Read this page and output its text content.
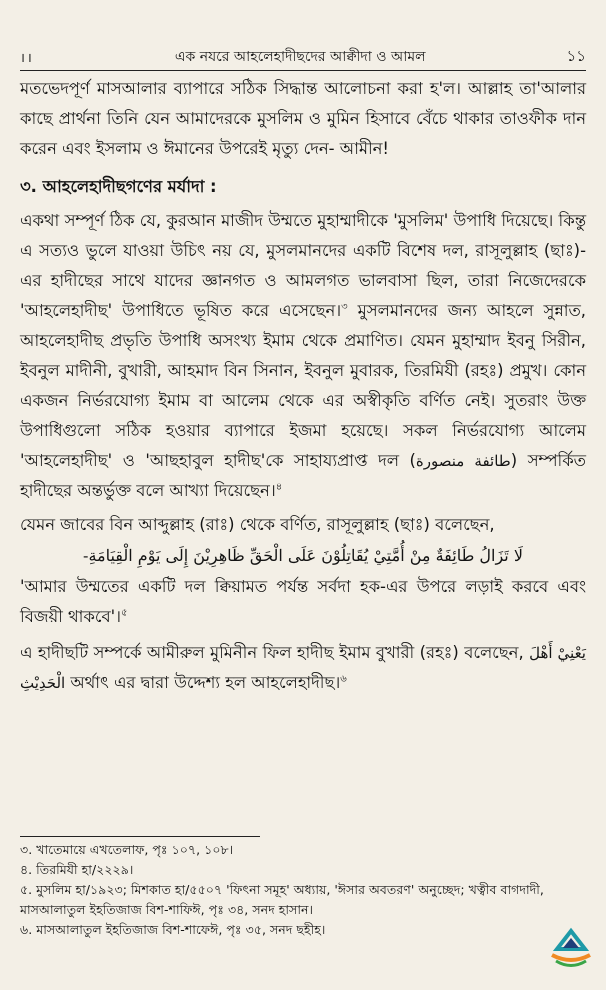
।।	এক নযরে আহলেহাদীছদের আক্বীদা ও আমল	১১

মতভেদপূর্ণ মাসআলার ব্যাপারে সঠিক সিদ্ধান্ত আলোচনা করা হ'ল। আল্লাহ তা'আলার কাছে প্রার্থনা তিনি যেন আমাদেরকে মুসলিম ও মুমিন হিসাবে বেঁচে থাকার তাওফীক দান করেন এবং ইসলাম ও ঈমানের উপরেই মৃত্যু দেন- আমীন!

৩. আহলেহাদীছগণের মর্যাদা :

একথা সম্পূর্ণ ঠিক যে, কুরআন মাজীদ উম্মতে মুহাম্মাদীকে 'মুসলিম' উপাধি দিয়েছে। কিন্তু এ সত্যও ভুলে যাওয়া উচিৎ নয় যে, মুসলমানদের একটি বিশেষ দল, রাসূলুল্লাহ (ছাঃ)-এর হাদীছের সাথে যাদের জ্ঞানগত ও আমলগত ভালবাসা ছিল, তারা নিজেদেরকে 'আহলেহাদীছ' উপাধিতে ভূষিত করে এসেছেন।$^৩$ মুসলমানদের জন্য আহলে সুন্নাত, আহলেহাদীছ প্রভৃতি উপাধি অসংখ্য ইমাম থেকে প্রমাণিত। যেমন মুহাম্মাদ ইবনু সিরীন, ইবনুল মাদীনী, বুখারী, আহমাদ বিন সিনান, ইবনুল মুবারক, তিরমিযী (রহঃ) প্রমুখ। কোন একজন নির্ভরযোগ্য ইমাম বা আলেম থেকে এর অস্বীকৃতি বর্ণিত নেই। সুতরাং উক্ত উপাধিগুলো সঠিক হওয়ার ব্যাপারে ইজমা হয়েছে। সকল নির্ভরযোগ্য আলেম 'আহলেহাদীছ' ও 'আছহাবুল হাদীছ'কে সাহায্যপ্রাপ্ত দল (طائفة منصورة) সম্পর্কিত হাদীছের অন্তর্ভুক্ত বলে আখ্যা দিয়েছেন।$^৪$

যেমন জাবের বিন আব্দুল্লাহ (রাঃ) থেকে বর্ণিত, রাসূলুল্লাহ (ছাঃ) বলেছেন,

لَا تَزَالُ طَائِفَةٌ مِنْ أُمَّتِيْ يُقَاتِلُوْنَ عَلَى الْحَقِّ ظَاهِرِيْنَ إِلَى يَوْمِ الْقِيَامَةِ-

'আমার উম্মতের একটি দল ক্বিয়ামত পর্যন্ত সর্বদা হক-এর উপরে লড়াই করবে এবং বিজয়ী থাকবে'।$^৫$

এ হাদীছটি সম্পর্কে আমীরুল মুমিনীন ফিল হাদীছ ইমাম বুখারী (রহঃ) বলেছেন, يَعْنِيْ أَهْلَ الْحَدِيْثِ অর্থাৎ এর দ্বারা উদ্দেশ্য হল আহলেহাদীছ।$^৬$

৩. খাতেমায়ে এখতেলাফ, পৃঃ ১০৭, ১০৮।

৪. তিরমিযী হা/২২২৯।

৫. মুসলিম হা/১৯২৩; মিশকাত হা/৫৫০৭ 'ফিৎনা সমূহ' অধ্যায়, 'ঈসার অবতরণ' অনুচ্ছেদ; খত্বীব বাগদাদী, মাসআলাতুল ইহতিজাজ বিশ-শাফিঈ, পৃঃ ৩৪, সনদ হাসান।

৬. মাসআলাতুল ইহতিজাজ বিশ-শাফেঈ, পৃঃ ৩৫, সনদ ছহীহ।
